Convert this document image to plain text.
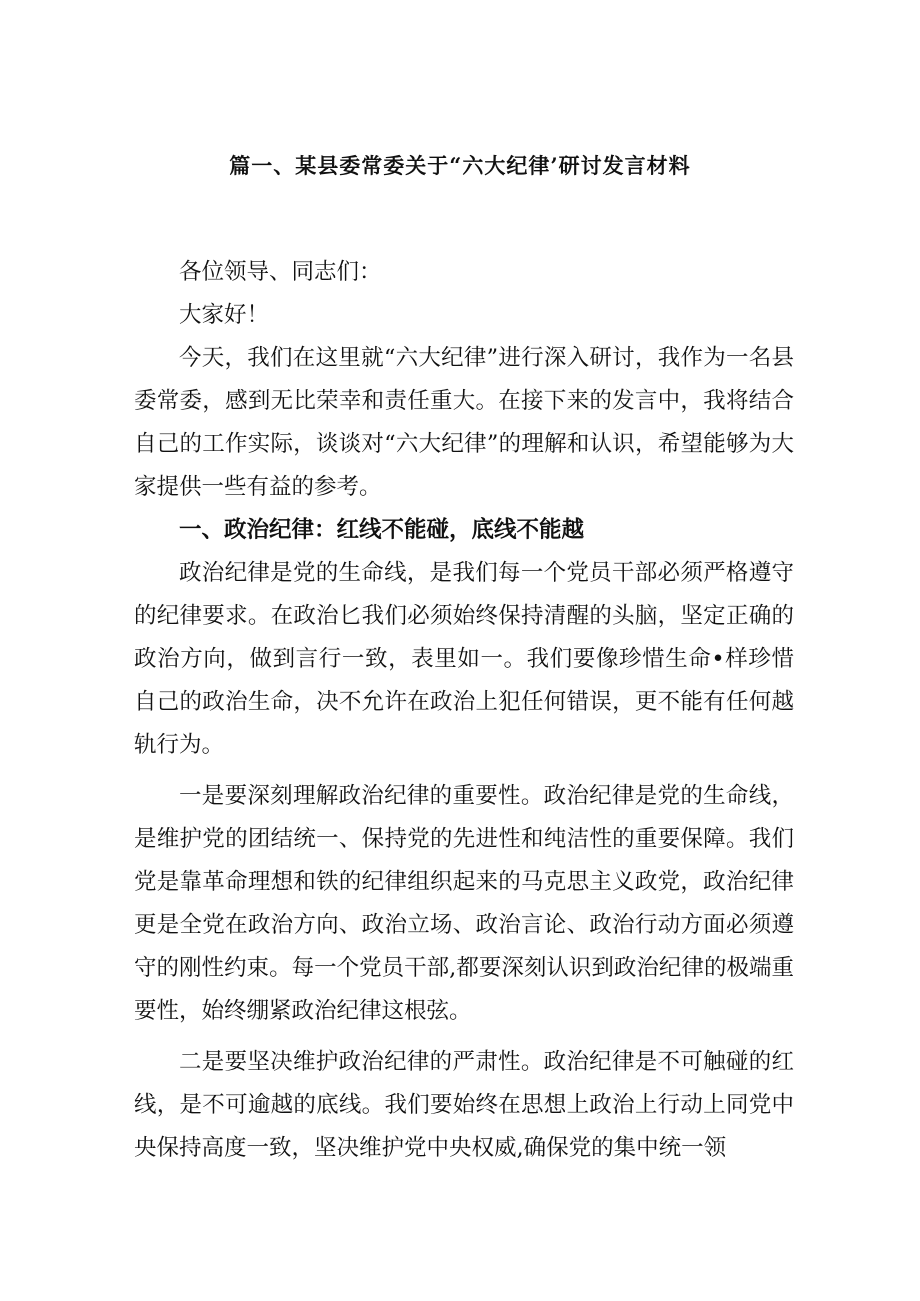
篇一、某县委常委关于“六大纪律’研讨发言材料

各位领导、同志们：

大家好！

今天，我们在这里就“六大纪律”进行深入研讨，我作为一名县委常委，感到无比荣幸和责任重大。在接下来的发言中，我将结合自己的工作实际，谈谈对“六大纪律”的理解和认识，希望能够为大家提供一些有益的参考。

一、政治纪律：红线不能碰，底线不能越

政治纪律是党的生命线，是我们每一个党员干部必须严格遵守的纪律要求。在政治匕我们必须始终保持清醒的头脑，坚定正确的政治方向，做到言行一致，表里如一。我们要像珍惜生命•样珍惜自己的政治生命，决不允许在政治上犯任何错误，更不能有任何越轨行为。

一是要深刻理解政治纪律的重要性。政治纪律是党的生命线，是维护党的团结统一、保持党的先进性和纯洁性的重要保障。我们党是靠革命理想和铁的纪律组织起来的马克思主义政党，政治纪律更是全党在政治方向、政治立场、政治言论、政治行动方面必须遵守的刚性约束。每一个党员干部,都要深刻认识到政治纪律的极端重要性，始终绷紧政治纪律这根弦。

二是要坚决维护政治纪律的严肃性。政治纪律是不可触碰的红线，是不可逾越的底线。我们要始终在思想上政治上行动上同党中央保持高度一致，坚决维护党中央权威,确保党的集中统一领
